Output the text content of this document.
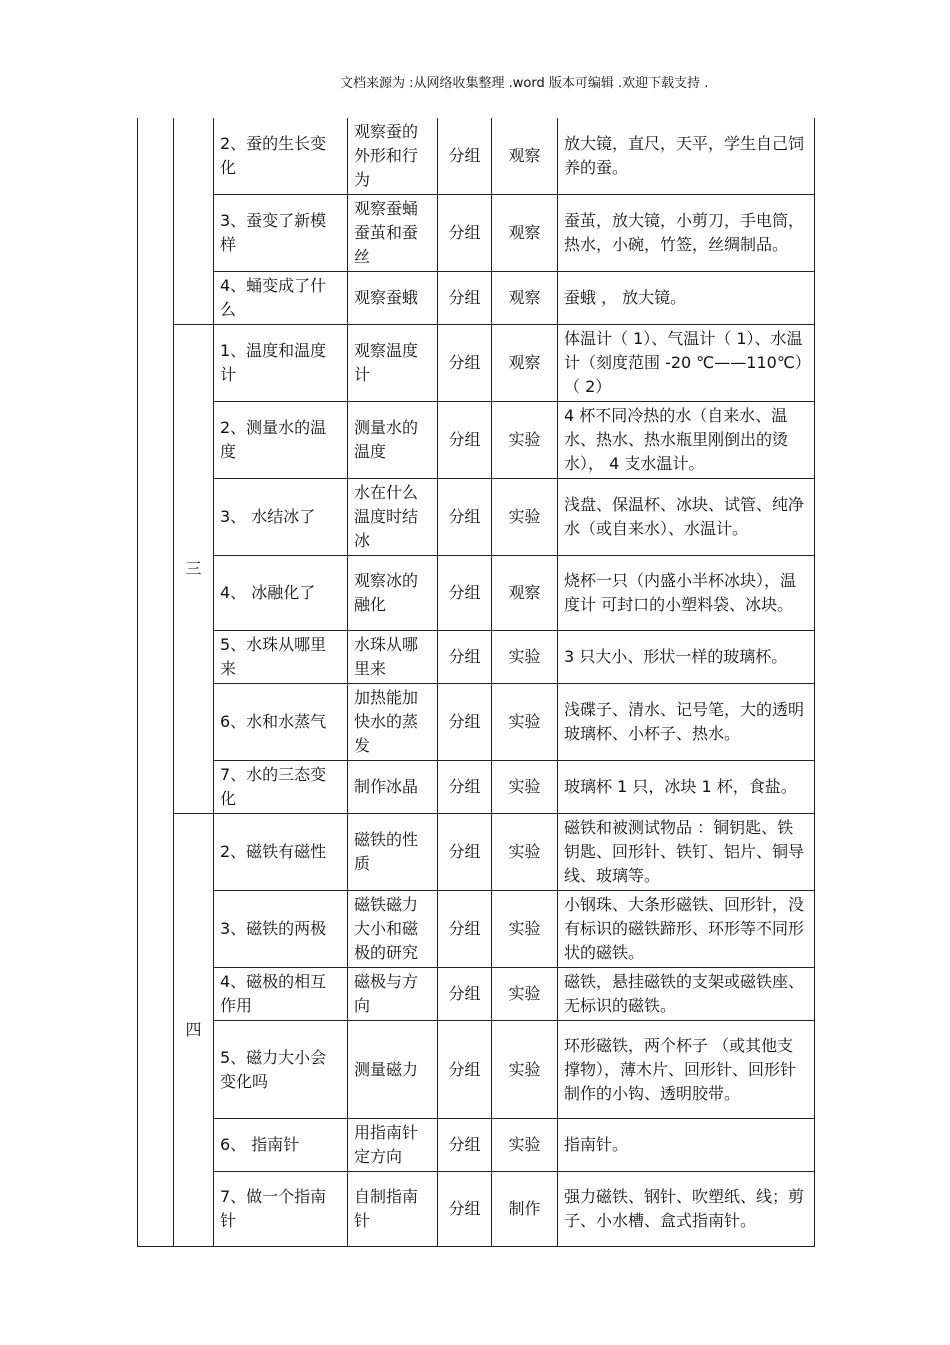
文档来源为 :从网络收集整理 .word 版本可编辑 .欢迎下载支持 .
		2、蚕的生长变化	观察蚕的外形和行为	分组	观察	放大镜，直尺，天平，学生自己饲养的蚕。
		3、蚕变了新模样	观察蚕蛹蚕茧和蚕丝	分组	观察	蚕茧，放大镜，小剪刀，手电筒， 热水，小碗，竹签，丝绸制品。
		4、蛹变成了什么	观察蚕蛾	分组	观察	蚕蛾 ， 放大镜。
	三	1、温度和温度计	观察温度计	分组	观察	体温计（ 1）、气温计（ 1）、水温计（刻度范围 -20 ℃——110℃）（ 2）
		2、测量水的温度	测量水的温度	分组	实验	4 杯不同冷热的水（自来水、温水、热水、热水瓶里刚倒出的烫水）， 4 支水温计。
		3、 水结冰了	水在什么温度时结冰	分组	实验	浅盘、保温杯、冰块、试管、纯净水（或自来水）、水温计。
		4、 冰融化了	观察冰的融化	分组	观察	烧杯一只（内盛小半杯冰块），温度计 可封口的小塑料袋、冰块。
		5、水珠从哪里来	水珠从哪里来	分组	实验	3 只大小、形状一样的玻璃杯。
		6、水和水蒸气	加热能加快水的蒸发	分组	实验	浅碟子、清水、记号笔，大的透明玻璃杯、小杯子、热水。
		7、水的三态变化	制作冰晶	分组	实验	玻璃杯 1 只，冰块 1 杯，食盐。
	四	2、磁铁有磁性	磁铁的性质	分组	实验	磁铁和被测试物品 ：铜钥匙、铁钥匙、回形针、铁钉、铝片、铜导线、玻璃等。
		3、磁铁的两极	磁铁磁力大小和磁极的研究	分组	实验	小钢珠、大条形磁铁、回形针，没有标识的磁铁蹄形、环形等不同形状的磁铁。
		4、磁极的相互作用	磁极与方向	分组	实验	磁铁，悬挂磁铁的支架或磁铁座、无标识的磁铁。
		5、磁力大小会变化吗	测量磁力	分组	实验	环形磁铁，两个杯子 （或其他支撑物），薄木片、回形针、回形针制作的小钩、透明胶带。
		6、 指南针	用指南针定方向	分组	实验	指南针。
		7、做一个指南针	自制指南针	分组	制作	强力磁铁、钢针、吹塑纸、线；剪子、小水槽、盒式指南针。
